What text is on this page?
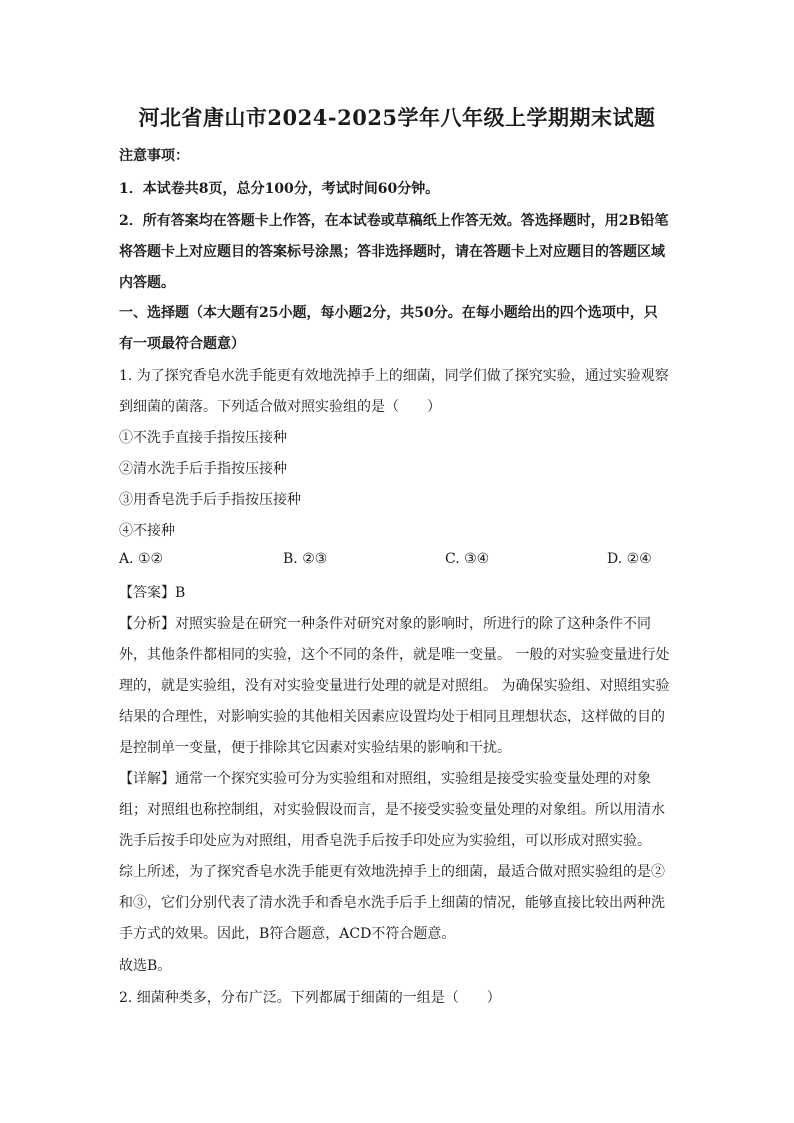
河北省唐山市2024-2025学年八年级上学期期末试题
注意事项：
1．本试卷共8页，总分100分，考试时间60分钟。
2．所有答案均在答题卡上作答，在本试卷或草稿纸上作答无效。答选择题时，用2B铅笔
将答题卡上对应题目的答案标号涂黑；答非选择题时，请在答题卡上对应题目的答题区域
内答题。
一、选择题（本大题有25小题，每小题2分，共50分。在每小题给出的四个选项中，只
有一项最符合题意）
1. 为了探究香皂水洗手能更有效地洗掉手上的细菌，同学们做了探究实验，通过实验观察
到细菌的菌落。下列适合做对照实验组的是（　　）
①不洗手直接手指按压接种
②清水洗手后手指按压接种
③用香皂洗手后手指按压接种
④不接种
A. ①②	B. ②③	C. ③④	D. ②④
【答案】B
【分析】对照实验是在研究一种条件对研究对象的影响时，所进行的除了这种条件不同
外，其他条件都相同的实验，这个不同的条件，就是唯一变量。 一般的对实验变量进行处
理的，就是实验组，没有对实验变量进行处理的就是对照组。 为确保实验组、对照组实验
结果的合理性，对影响实验的其他相关因素应设置均处于相同且理想状态，这样做的目的
是控制单一变量，便于排除其它因素对实验结果的影响和干扰。
【详解】通常一个探究实验可分为实验组和对照组，实验组是接受实验变量处理的对象
组；对照组也称控制组，对实验假设而言，是不接受实验变量处理的对象组。所以用清水
洗手后按手印处应为对照组，用香皂洗手后按手印处应为实验组，可以形成对照实验。
综上所述，为了探究香皂水洗手能更有效地洗掉手上的细菌，最适合做对照实验组的是②
和③，它们分别代表了清水洗手和香皂水洗手后手上细菌的情况，能够直接比较出两种洗
手方式的效果。因此，B符合题意，ACD不符合题意。
故选B。
2. 细菌种类多，分布广泛。下列都属于细菌的一组是（　　）
